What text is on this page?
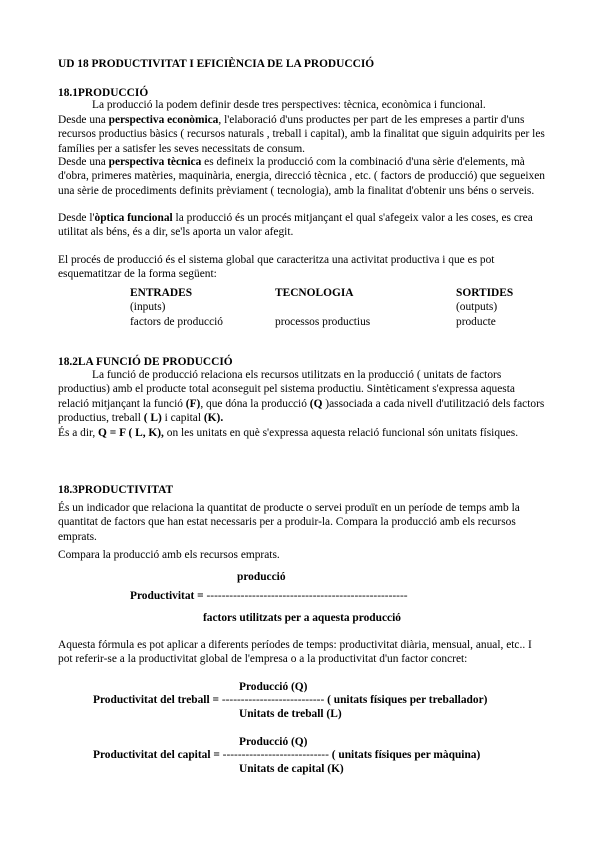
UD 18 PRODUCTIVITAT I EFICIÈNCIA DE LA PRODUCCIÓ
18.1PRODUCCIÓ
La producció la podem definir desde tres perspectives: tècnica, econòmica i funcional.
Desde una perspectiva econòmica, l'elaboració d'uns productes per part de les empreses a partir d'uns recursos productius bàsics ( recursos naturals , treball i capital), amb la finalitat que siguin adquirits per les famílies per a satisfer les seves necessitats de consum.
Desde una perspectiva tècnica es defineix la producció com la combinació d'una sèrie d'elements, mà d'obra, primeres matèries, maquinària, energia, direcció tècnica , etc. ( factors de producció) que segueixen una sèrie de procediments definits prèviament ( tecnologia), amb la finalitat d'obtenir uns béns o serveis.
Desde l'òptica funcional la producció és un procés mitjançant el qual s'afegeix valor a les coses, es crea utilitat als béns, és a dir, se'ls aporta un valor afegit.
El procés de producció és el sistema global que caracteritza una activitat productiva i que es pot esquematitzar de la forma següent:
ENTRADES
(inputs)
factors de producció
TECNOLOGIA
processos productius
SORTIDES
(outputs)
producte
18.2LA FUNCIÓ DE PRODUCCIÓ
La funció de producció relaciona els recursos utilitzats en la producció ( unitats de factors productius) amb el producte total aconseguit pel sistema productiu. Sintèticament s'expressa aquesta relació mitjançant la funció (F), que dóna la producció (Q )associada a cada nivell d'utilització dels factors productius, treball ( L) i capital (K).
És a dir, Q = F ( L, K), on les unitats en què s'expressa aquesta relació funcional són unitats físiques.
18.3PRODUCTIVITAT
És un indicador que relaciona la quantitat de producte o servei produït en un període de temps amb la quantitat de factors que han estat necessaris per a produir-la. Compara la producció amb els recursos emprats.
Compara la producció amb els recursos emprats.
producció
Productivitat = -----------------------------------------------------
factors utilitzats per a aquesta producció
Aquesta fórmula es pot aplicar a diferents períodes de temps: productivitat diària, mensual, anual, etc.. I pot referir-se a la productivitat global de l'empresa o a la productivitat d'un factor concret:
Producció (Q)
Productivitat del treball = --------------------------- ( unitats físiques per treballador)
Unitats de treball (L)
Producció (Q)
Productivitat del capital = ---------------------------- ( unitats físiques per màquina)
Unitats de capital (K)
